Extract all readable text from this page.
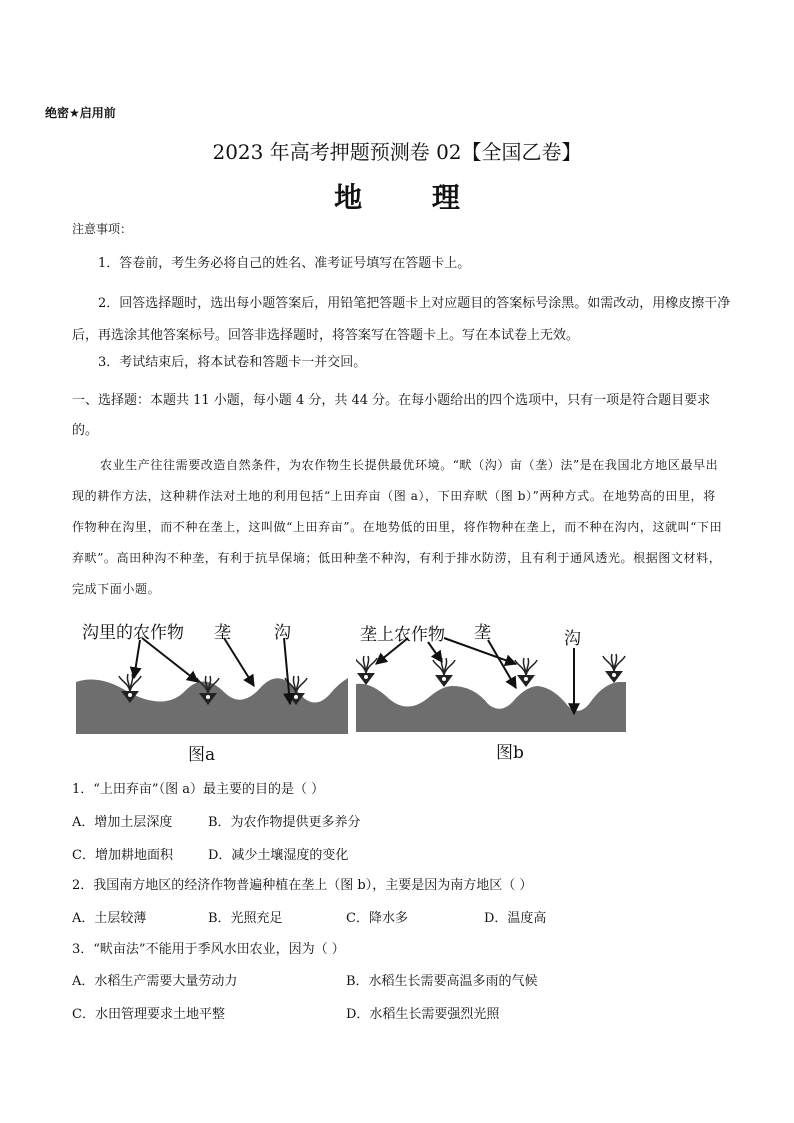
绝密★启用前
2023 年高考押题预测卷 02【全国乙卷】
地 理
注意事项：
1．答卷前，考生务必将自己的姓名、准考证号填写在答题卡上。
2．回答选择题时，选出每小题答案后，用铅笔把答题卡上对应题目的答案标号涂黑。如需改动，用橡皮擦干净后，再选涂其他答案标号。回答非选择题时，将答案写在答题卡上。写在本试卷上无效。
3．考试结束后，将本试卷和答题卡一并交回。
一、选择题：本题共 11 小题，每小题 4 分，共 44 分。在每小题给出的四个选项中，只有一项是符合题目要求的。
农业生产往往需要改造自然条件，为农作物生长提供最优环境。“畎（沟）亩（垄）法”是在我国北方地区最早出现的耕作方法，这种耕作法对土地的利用包括“上田弃亩（图 a），下田弃畎（图 b）”两种方式。在地势高的田里，将作物种在沟里，而不种在垄上，这叫做“上田弃亩”。在地势低的田里，将作物种在垄上，而不种在沟内，这就叫“下田弃畎”。高田种沟不种垄，有利于抗旱保墒；低田种垄不种沟，有利于排水防涝，且有利于通风透光。根据图文材料，完成下面小题。
沟里的农作物 垄	沟
图a
垄上农作物 垄	沟
图b
1．“上田弃亩”（图 a）最主要的目的是（ ）
A．增加土层深度	B．为农作物提供更多养分
C．增加耕地面积	D．减少土壤湿度的变化
2．我国南方地区的经济作物普遍种植在垄上（图 b），主要是因为南方地区（ ）
A．土层较薄	B．光照充足	C．降水多	D．温度高
3．“畎亩法”不能用于季风水田农业，因为（ ）
A．水稻生产需要大量劳动力	B．水稻生长需要高温多雨的气候
C．水田管理要求土地平整	D．水稻生长需要强烈光照
